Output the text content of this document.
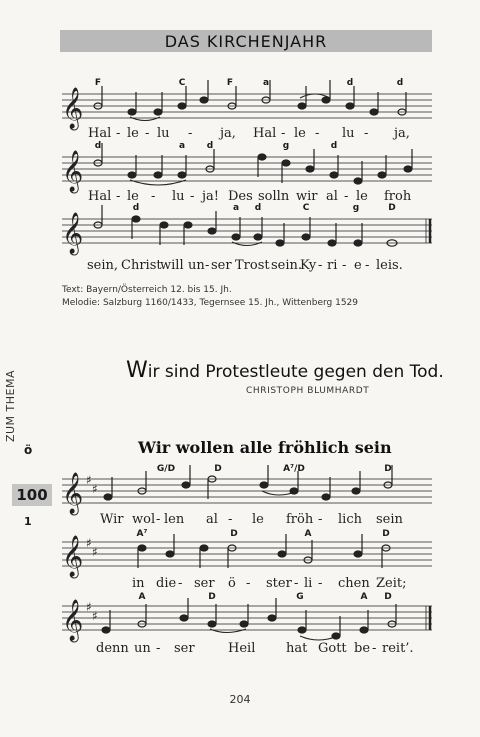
DAS KIRCHENJAHR
𝄞
𝄞
𝄞
𝄞
𝄞
𝄞
♯
♯
♯
♯
♯
♯
F	C	F	a	d	d
d	a	d	g	d
d	a	d	C	g	D
Hal - le - lu - ja, Hal - le - lu - ja,
Hal - le - lu - ja! Des solln wir al - le froh
sein, Christ
will un - ser Trost sein.
Ky - ri - e - leis.
Text: Bayern/Österreich 12. bis 15. Jh.
Melodie: Salzburg 1160/1433, Tegernsee 15. Jh., Wittenberg 1529
ZUM THEMA	Wir sind Protestleute gegen den Tod.
CHRISTOPH BLUMHARDT
ö	Wir wollen alle fröhlich sein
100
1
G/D	D	A⁷/D	D
A⁷	D	A	D
A	D	G	A	D
Wir wol - len al - le fröh - lich sein
in die - ser ö - ster - li - chen Zeit;
denn un - ser	Heil hat Gott be - reit’.
204
